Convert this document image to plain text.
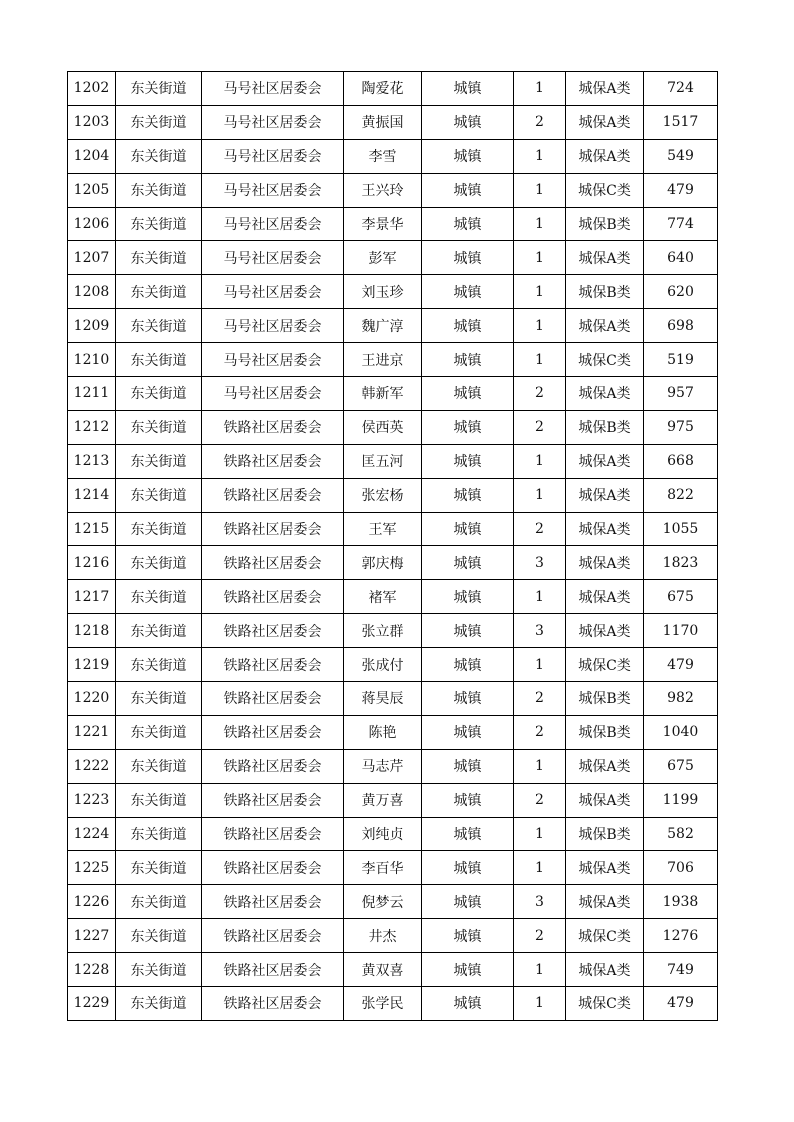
1202	东关街道	马号社区居委会	陶爱花	城镇	1	城保A类	724
1203	东关街道	马号社区居委会	黄振国	城镇	2	城保A类	1517
1204	东关街道	马号社区居委会	李雪	城镇	1	城保A类	549
1205	东关街道	马号社区居委会	王兴玲	城镇	1	城保C类	479
1206	东关街道	马号社区居委会	李景华	城镇	1	城保B类	774
1207	东关街道	马号社区居委会	彭军	城镇	1	城保A类	640
1208	东关街道	马号社区居委会	刘玉珍	城镇	1	城保B类	620
1209	东关街道	马号社区居委会	魏广淳	城镇	1	城保A类	698
1210	东关街道	马号社区居委会	王进京	城镇	1	城保C类	519
1211	东关街道	马号社区居委会	韩新军	城镇	2	城保A类	957
1212	东关街道	铁路社区居委会	侯西英	城镇	2	城保B类	975
1213	东关街道	铁路社区居委会	匡五河	城镇	1	城保A类	668
1214	东关街道	铁路社区居委会	张宏杨	城镇	1	城保A类	822
1215	东关街道	铁路社区居委会	王军	城镇	2	城保A类	1055
1216	东关街道	铁路社区居委会	郭庆梅	城镇	3	城保A类	1823
1217	东关街道	铁路社区居委会	褚军	城镇	1	城保A类	675
1218	东关街道	铁路社区居委会	张立群	城镇	3	城保A类	1170
1219	东关街道	铁路社区居委会	张成付	城镇	1	城保C类	479
1220	东关街道	铁路社区居委会	蒋昊辰	城镇	2	城保B类	982
1221	东关街道	铁路社区居委会	陈艳	城镇	2	城保B类	1040
1222	东关街道	铁路社区居委会	马志芹	城镇	1	城保A类	675
1223	东关街道	铁路社区居委会	黄万喜	城镇	2	城保A类	1199
1224	东关街道	铁路社区居委会	刘纯贞	城镇	1	城保B类	582
1225	东关街道	铁路社区居委会	李百华	城镇	1	城保A类	706
1226	东关街道	铁路社区居委会	倪梦云	城镇	3	城保A类	1938
1227	东关街道	铁路社区居委会	井杰	城镇	2	城保C类	1276
1228	东关街道	铁路社区居委会	黄双喜	城镇	1	城保A类	749
1229	东关街道	铁路社区居委会	张学民	城镇	1	城保C类	479
